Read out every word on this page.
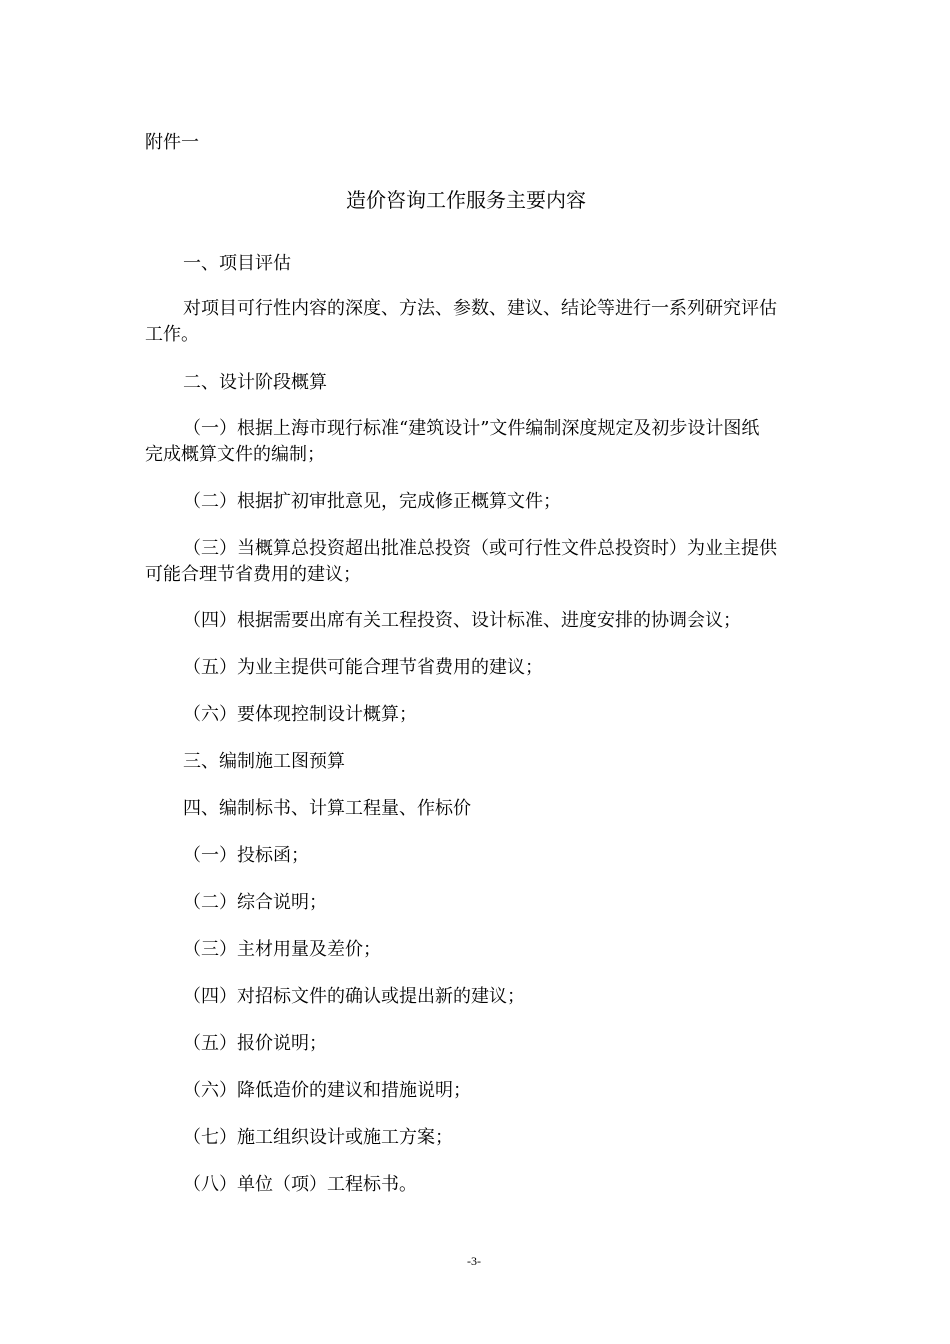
附件一
造价咨询工作服务主要内容
一、项目评估
对项目可行性内容的深度、方法、参数、建议、结论等进行一系列研究评估
工作。
二、设计阶段概算
（一）根据上海市现行标准“建筑设计”文件编制深度规定及初步设计图纸
完成概算文件的编制；
（二）根据扩初审批意见，完成修正概算文件；
（三）当概算总投资超出批准总投资（或可行性文件总投资时）为业主提供
可能合理节省费用的建议；
（四）根据需要出席有关工程投资、设计标准、进度安排的协调会议；
（五）为业主提供可能合理节省费用的建议；
（六）要体现控制设计概算；
三、编制施工图预算
四、编制标书、计算工程量、作标价
（一）投标函；
（二）综合说明；
（三）主材用量及差价；
（四）对招标文件的确认或提出新的建议；
（五）报价说明；
（六）降低造价的建议和措施说明；
（七）施工组织设计或施工方案；
（八）单位（项）工程标书。
-3-
